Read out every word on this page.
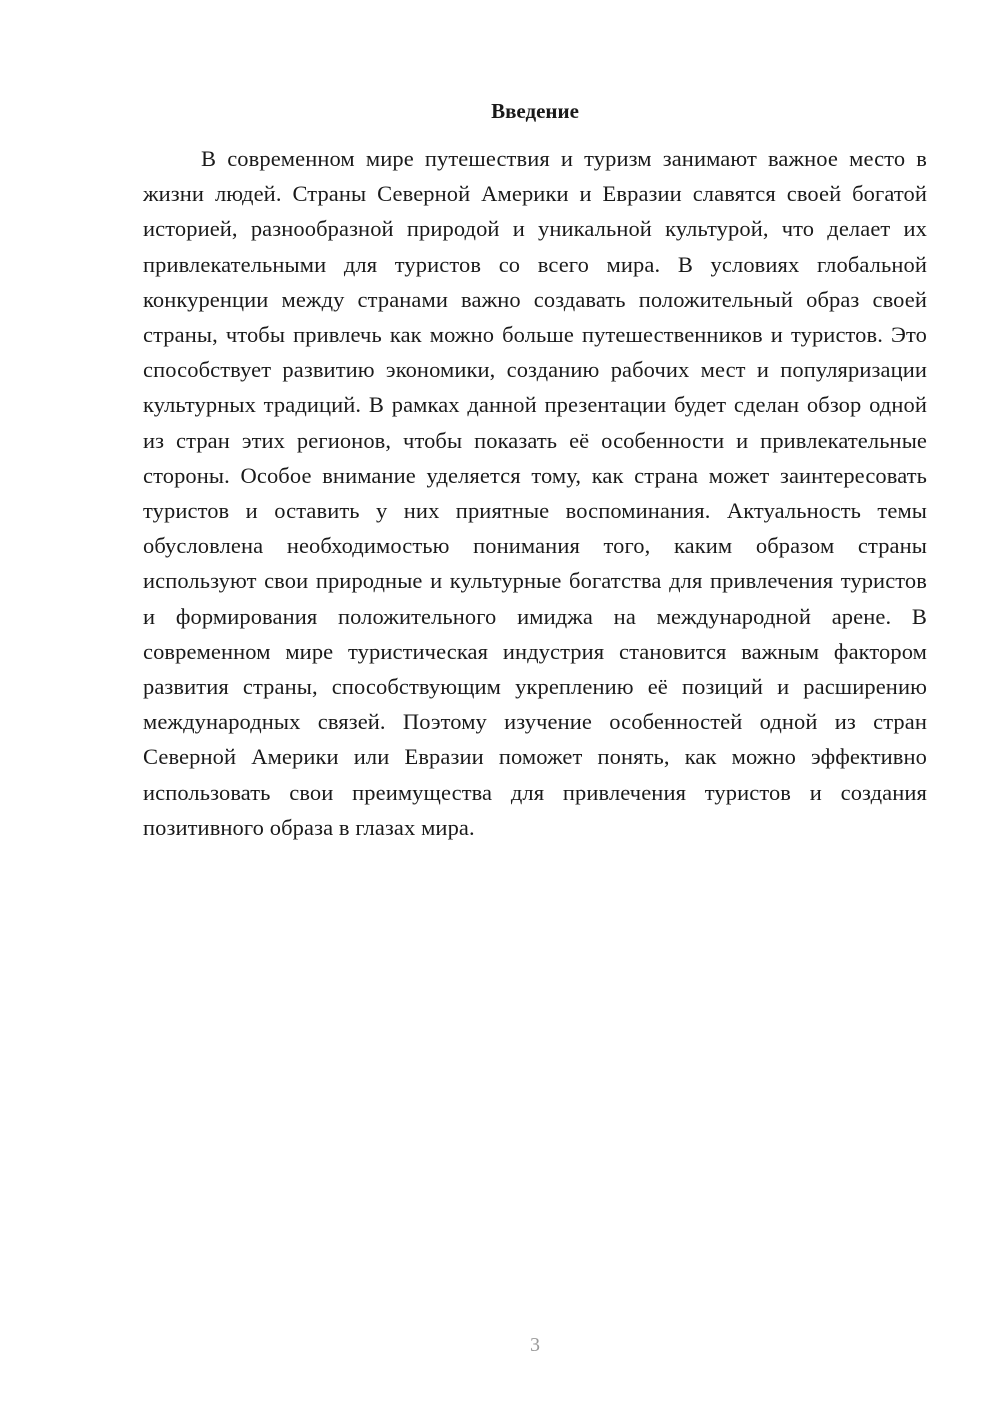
Введение

В современном мире путешествия и туризм занимают важное место в жизни людей. Страны Северной Америки и Евразии славятся своей богатой историей, разнообразной природой и уникальной культурой, что делает их привлекательными для туристов со всего мира. В условиях глобальной конкуренции между странами важно создавать положительный образ своей страны, чтобы привлечь как можно больше путешественников и туристов. Это способствует развитию экономики, созданию рабочих мест и популяризации культурных традиций. В рамках данной презентации будет сделан обзор одной из стран этих регионов, чтобы показать её особенности и привлекательные стороны. Особое внимание уделяется тому, как страна может заинтересовать туристов и оставить у них приятные воспоминания. Актуальность темы обусловлена необходимостью понимания того, каким образом страны используют свои природные и культурные богатства для привлечения туристов и формирования положительного имиджа на международной арене. В современном мире туристическая индустрия становится важным фактором развития страны, способствующим укреплению её позиций и расширению международных связей. Поэтому изучение особенностей одной из стран Северной Америки или Евразии поможет понять, как можно эффективно использовать свои преимущества для привлечения туристов и создания позитивного образа в глазах мира.

3
